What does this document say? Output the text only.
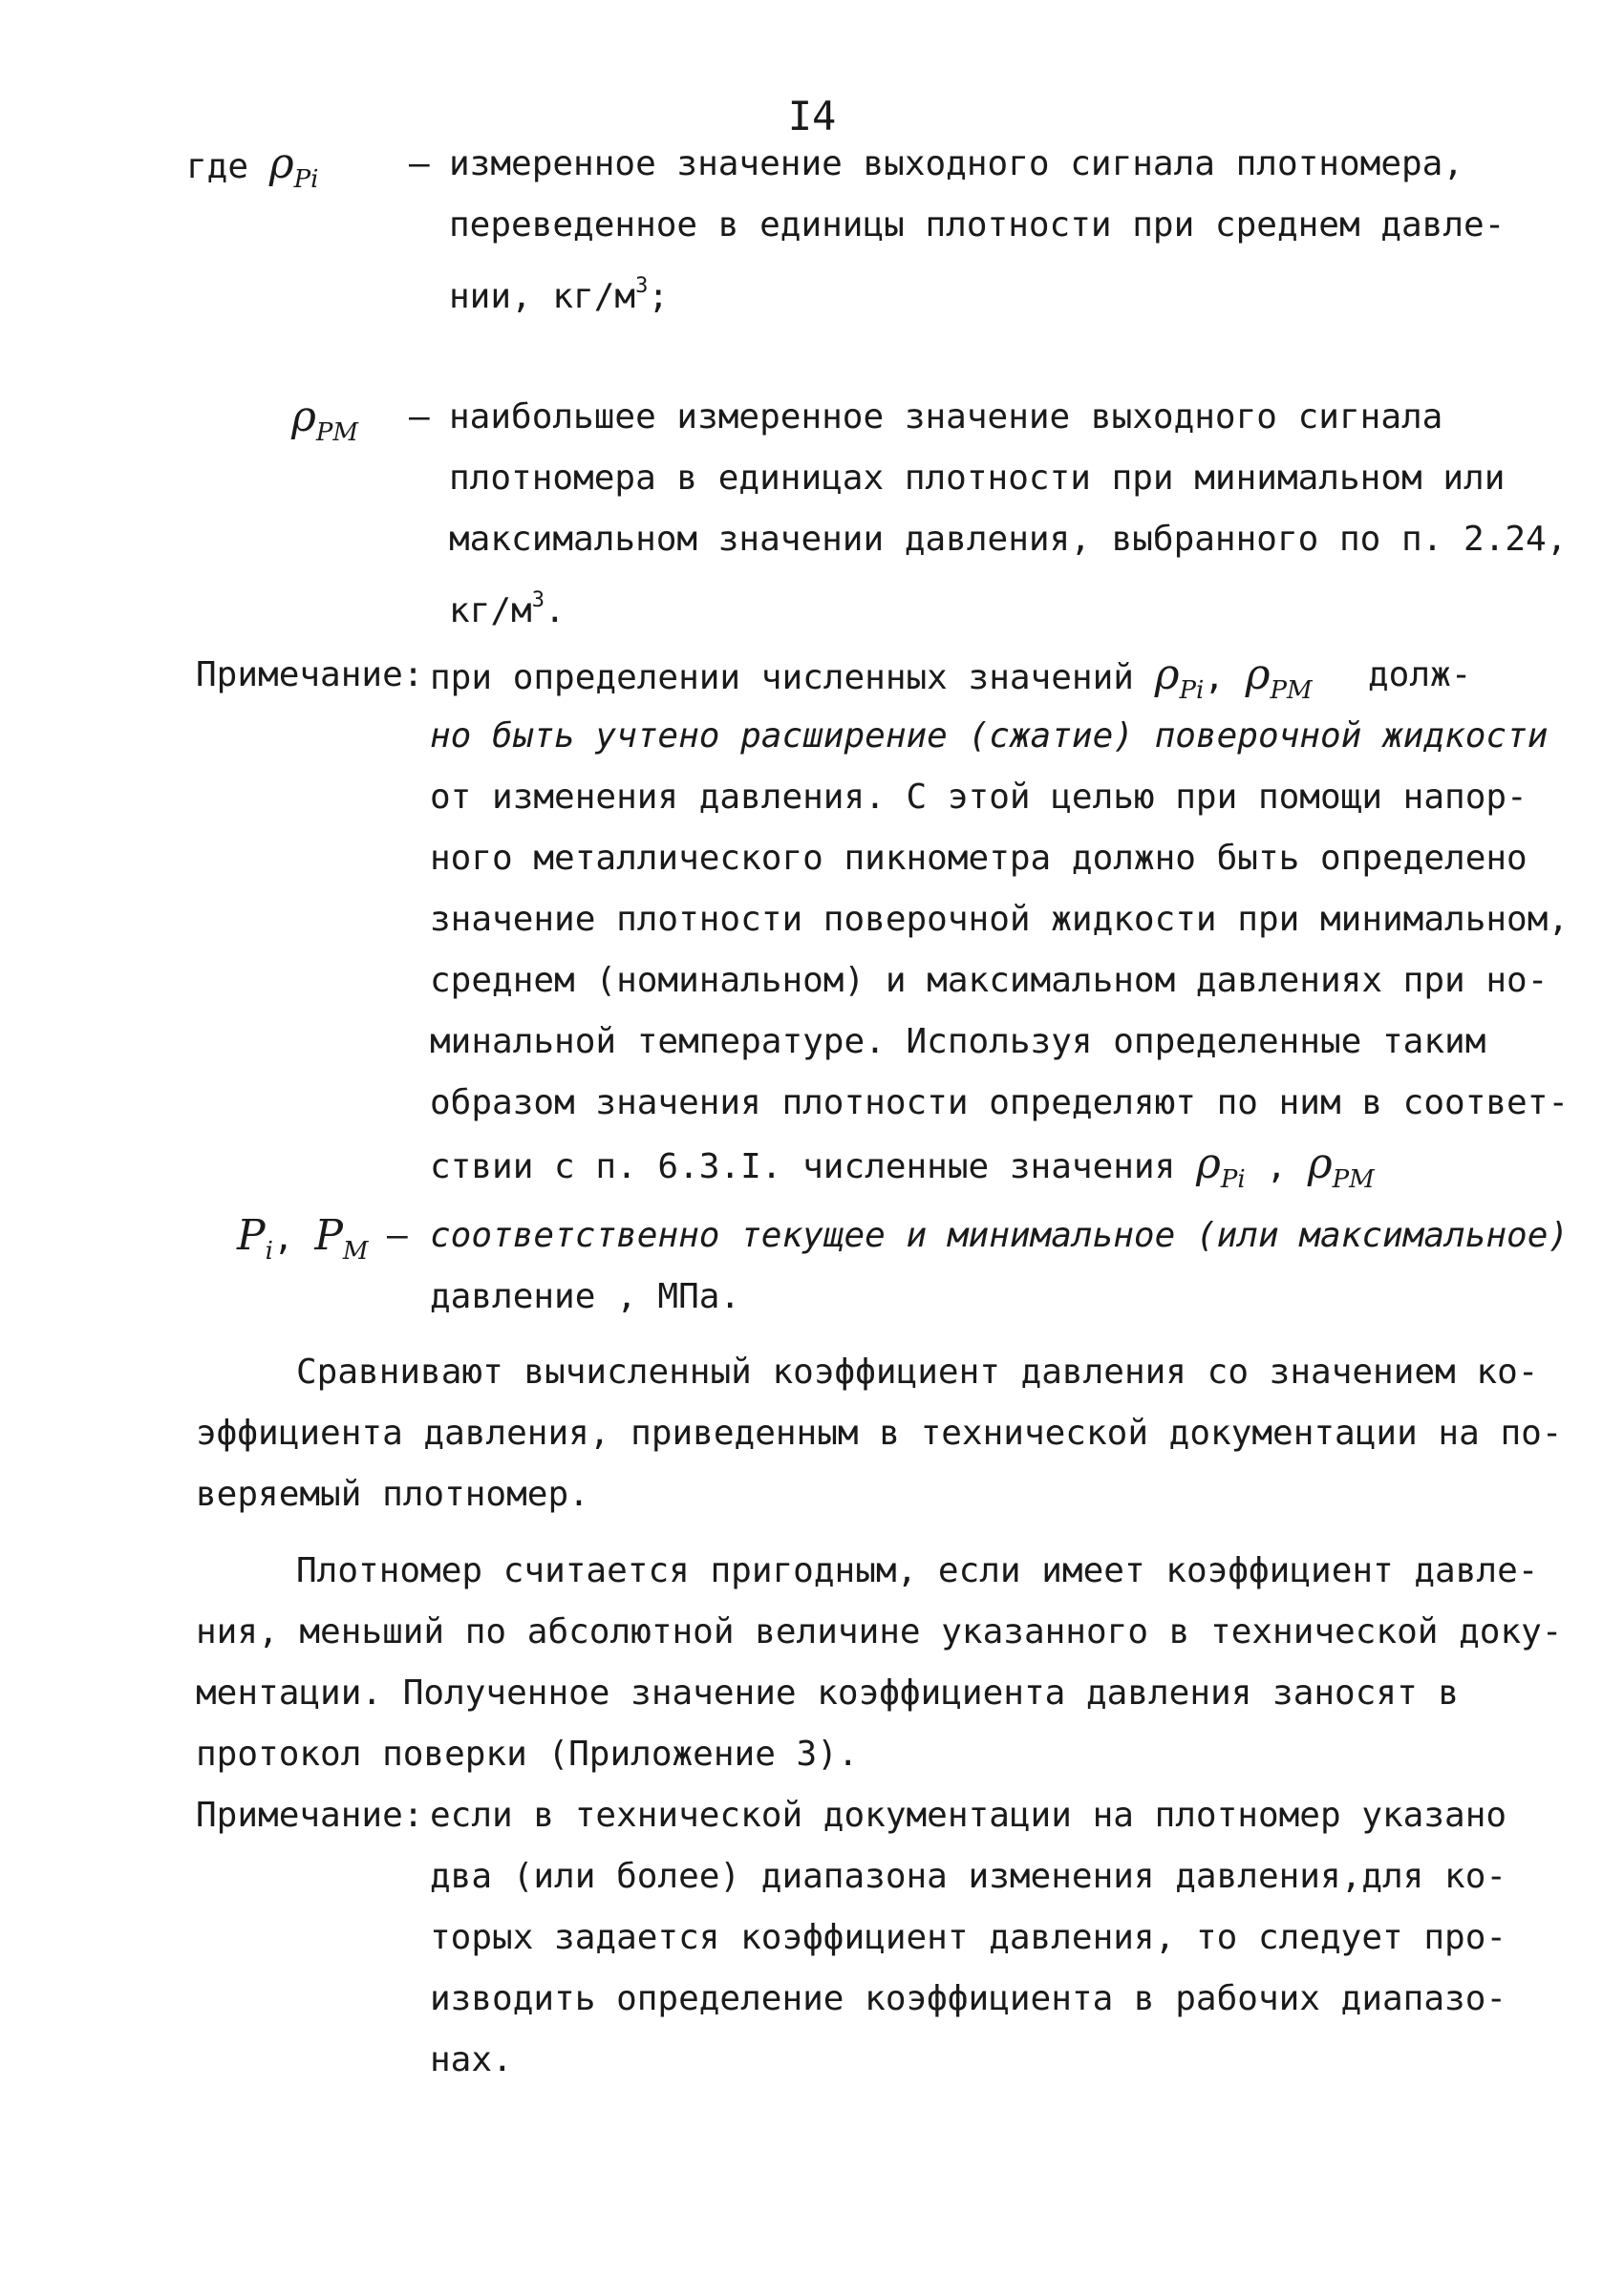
I4
где $\rho_{Pi}$	– измеренное значение выходного сигнала плотномера,
переведенное в единицы плотности при среднем давле-
нии, $кг/м^3$;
$\rho_{PM}$ – наибольшее измеренное значение выходного сигнала
плотномера в единицах плотности при минимальном или
максимальном значении давления, выбранного по п. 2.24,
$кг/м^3$.
Примечание: при определении численных значений $\rho_{Pi}$, $\rho_{PM}$ долж-
но быть учтено расширение (сжатие) поверочной жидкости
от изменения давления. С этой целью при помощи напор-
ного металлического пикнометра должно быть определено
значение плотности поверочной жидкости при минимальном,
среднем (номинальном) и максимальном давлениях при но-
минальной температуре. Используя определенные таким
образом значения плотности определяют по ним в соответ-
ствии с п. 6.3.I. численные значения $\rho_{Pi}$ , $\rho_{PM}$
$P_i$, $P_M$ – соответственно текущее и минимальное (или максимальное)
давление , МПа.
Сравнивают вычисленный коэффициент давления со значением ко-
эффициента давления, приведенным в технической документации на по-
веряемый плотномер.
Плотномер считается пригодным, если имеет коэффициент давле-
ния, меньший по абсолютной величине указанного в технической доку-
ментации. Полученное значение коэффициента давления заносят в
протокол поверки (Приложение 3).
Примечание: если в технической документации на плотномер указано
два (или более) диапазона изменения давления,для ко-
торых задается коэффициент давления, то следует про-
изводить определение коэффициента в рабочих диапазо-
нах.
